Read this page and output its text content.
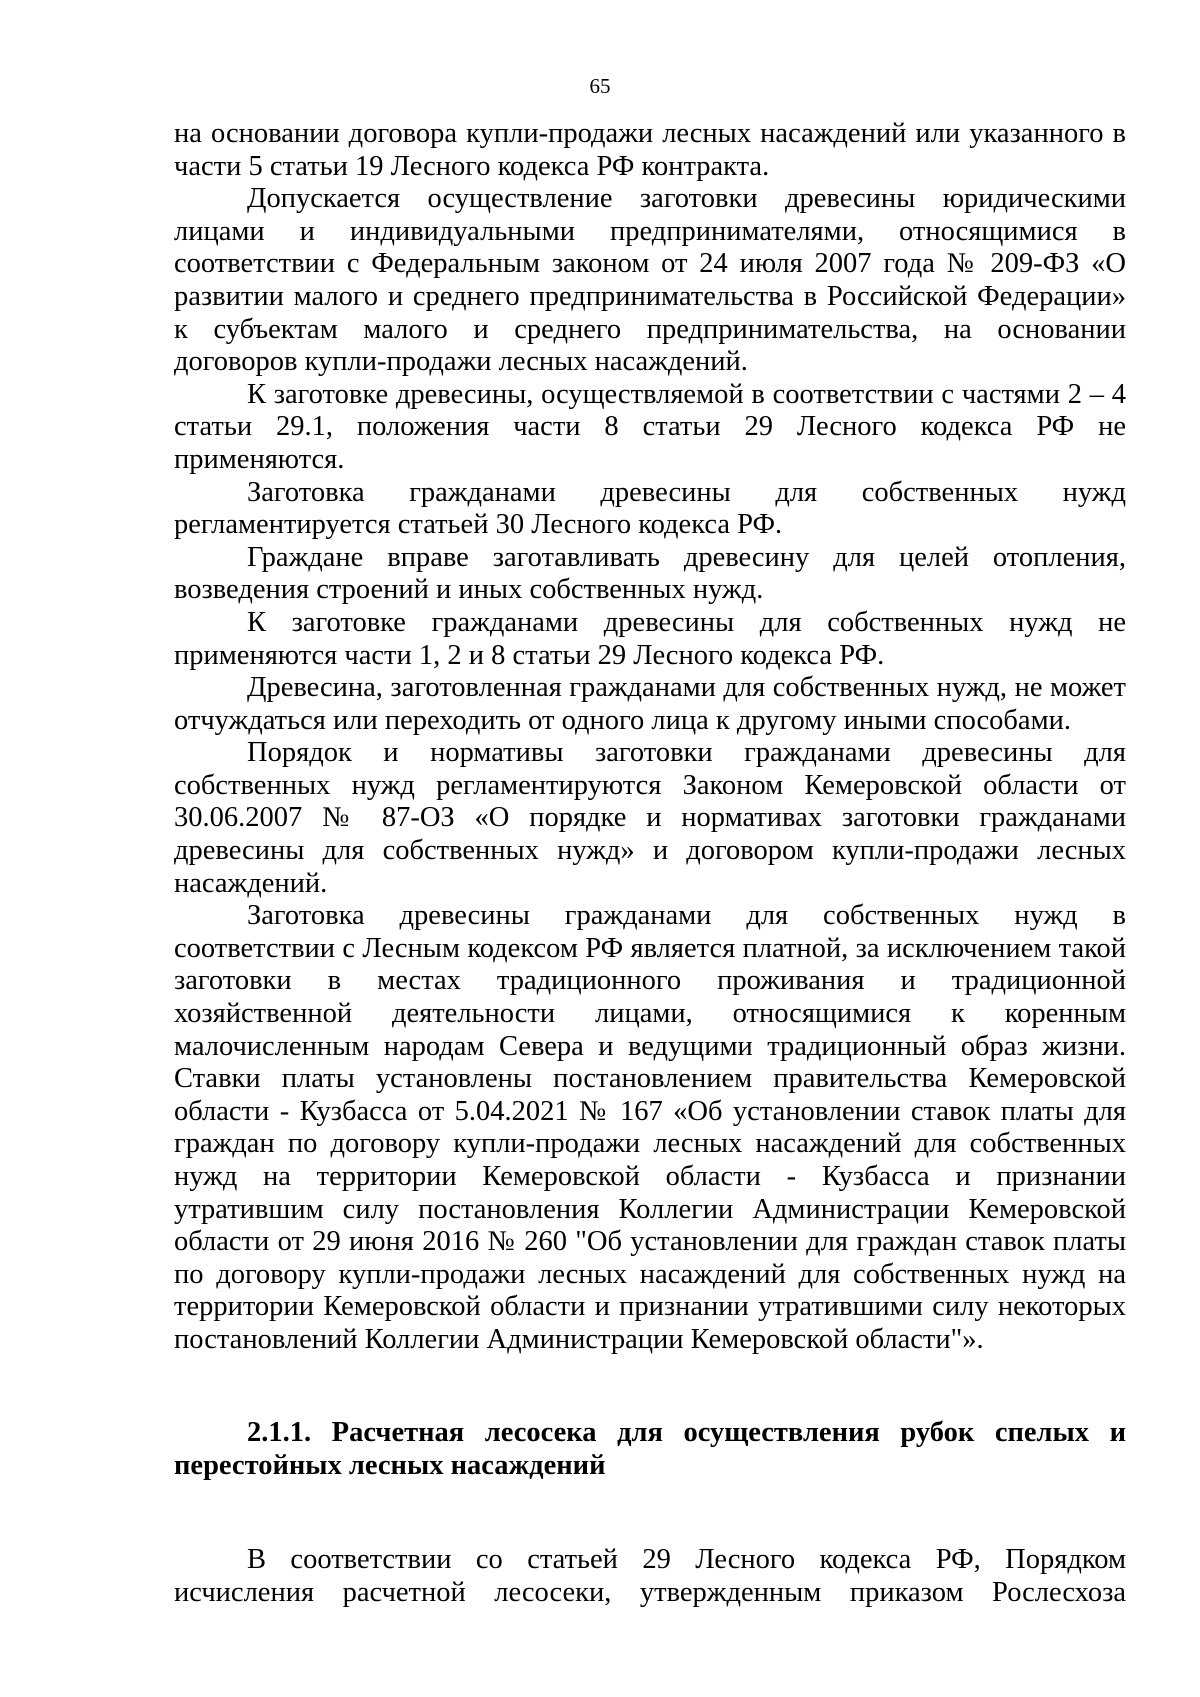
65

на основании договора купли-продажи лесных насаждений или указанного в части 5 статьи 19 Лесного кодекса РФ контракта.

Допускается осуществление заготовки древесины юридическими лицами и индивидуальными предпринимателями, относящимися в соответствии с Федеральным законом от 24 июля 2007 года № 209-ФЗ «О развитии малого и среднего предпринимательства в Российской Федерации» к субъектам малого и среднего предпринимательства, на основании договоров купли-продажи лесных насаждений.

К заготовке древесины, осуществляемой в соответствии с частями 2 – 4 статьи 29.1, положения части 8 статьи 29 Лесного кодекса РФ не применяются.

Заготовка гражданами древесины для собственных нужд регламентируется статьей 30 Лесного кодекса РФ.

Граждане вправе заготавливать древесину для целей отопления, возведения строений и иных собственных нужд.

К заготовке гражданами древесины для собственных нужд не применяются части 1, 2 и 8 статьи 29 Лесного кодекса РФ.

Древесина, заготовленная гражданами для собственных нужд, не может отчуждаться или переходить от одного лица к другому иными способами.

Порядок и нормативы заготовки гражданами древесины для собственных нужд регламентируются Законом Кемеровской области от 30.06.2007 № 87-ОЗ «О порядке и нормативах заготовки гражданами древесины для собственных нужд» и договором купли-продажи лесных насаждений.

Заготовка древесины гражданами для собственных нужд в соответствии с Лесным кодексом РФ является платной, за исключением такой заготовки в местах традиционного проживания и традиционной хозяйственной деятельности лицами, относящимися к коренным малочисленным народам Севера и ведущими традиционный образ жизни. Ставки платы установлены постановлением правительства Кемеровской области - Кузбасса от 5.04.2021 № 167 «Об установлении ставок платы для граждан по договору купли-продажи лесных насаждений для собственных нужд на территории Кемеровской области - Кузбасса и признании утратившим силу постановления Коллегии Администрации Кемеровской области от 29 июня 2016 № 260 "Об установлении для граждан ставок платы по договору купли-продажи лесных насаждений для собственных нужд на территории Кемеровской области и признании утратившими силу некоторых постановлений Коллегии Администрации Кемеровской области"».

2.1.1. Расчетная лесосека для осуществления рубок спелых и перестойных лесных насаждений

В соответствии со статьей 29 Лесного кодекса РФ, Порядком исчисления расчетной лесосеки, утвержденным приказом Рослесхоза
